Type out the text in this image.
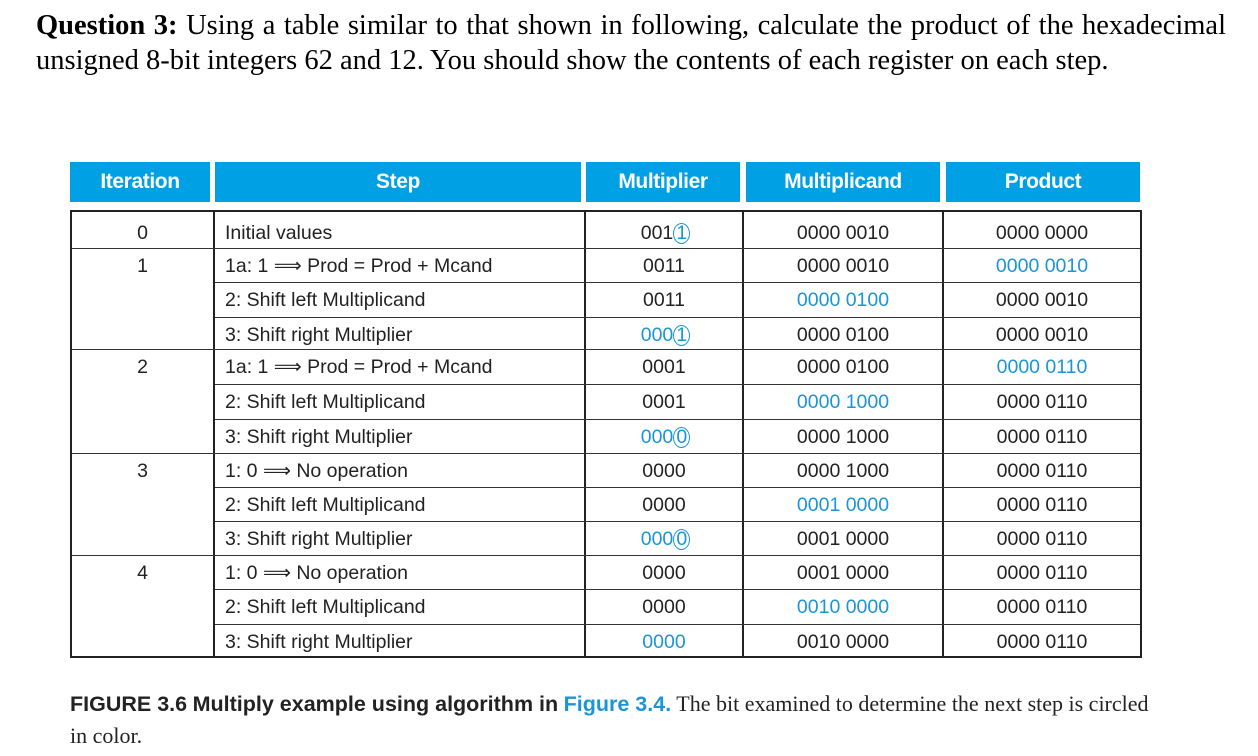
Question 3: Using a table similar to that shown in following, calculate the product of the hexadecimal unsigned 8-bit integers 62 and 12. You should show the contents of each register on each step.

Iteration	Step	Multiplier	Multiplicand	Product
0	Initial values	001 1	0000 0010	0000 0000
1	1a: 1 ⟹ Prod = Prod + Mcand	0011	0000 0010	0000 0010
2: Shift left Multiplicand	0011	0000 0100	0000 0010
3: Shift right Multiplier	000 1	0000 0100	0000 0010
2	1a: 1 ⟹ Prod = Prod + Mcand	0001	0000 0100	0000 0110
2: Shift left Multiplicand	0001	0000 1000	0000 0110
3: Shift right Multiplier	000 0	0000 1000	0000 0110
3	1: 0 ⟹ No operation	0000	0000 1000	0000 0110
2: Shift left Multiplicand	0000	0001 0000	0000 0110
3: Shift right Multiplier	000 0	0001 0000	0000 0110
4	1: 0 ⟹ No operation	0000	0001 0000	0000 0110
2: Shift left Multiplicand	0000	0010 0000	0000 0110
3: Shift right Multiplier	0000	0010 0000	0000 0110

FIGURE 3.6 Multiply example using algorithm in Figure 3.4. The bit examined to determine the next step is circled in color.
